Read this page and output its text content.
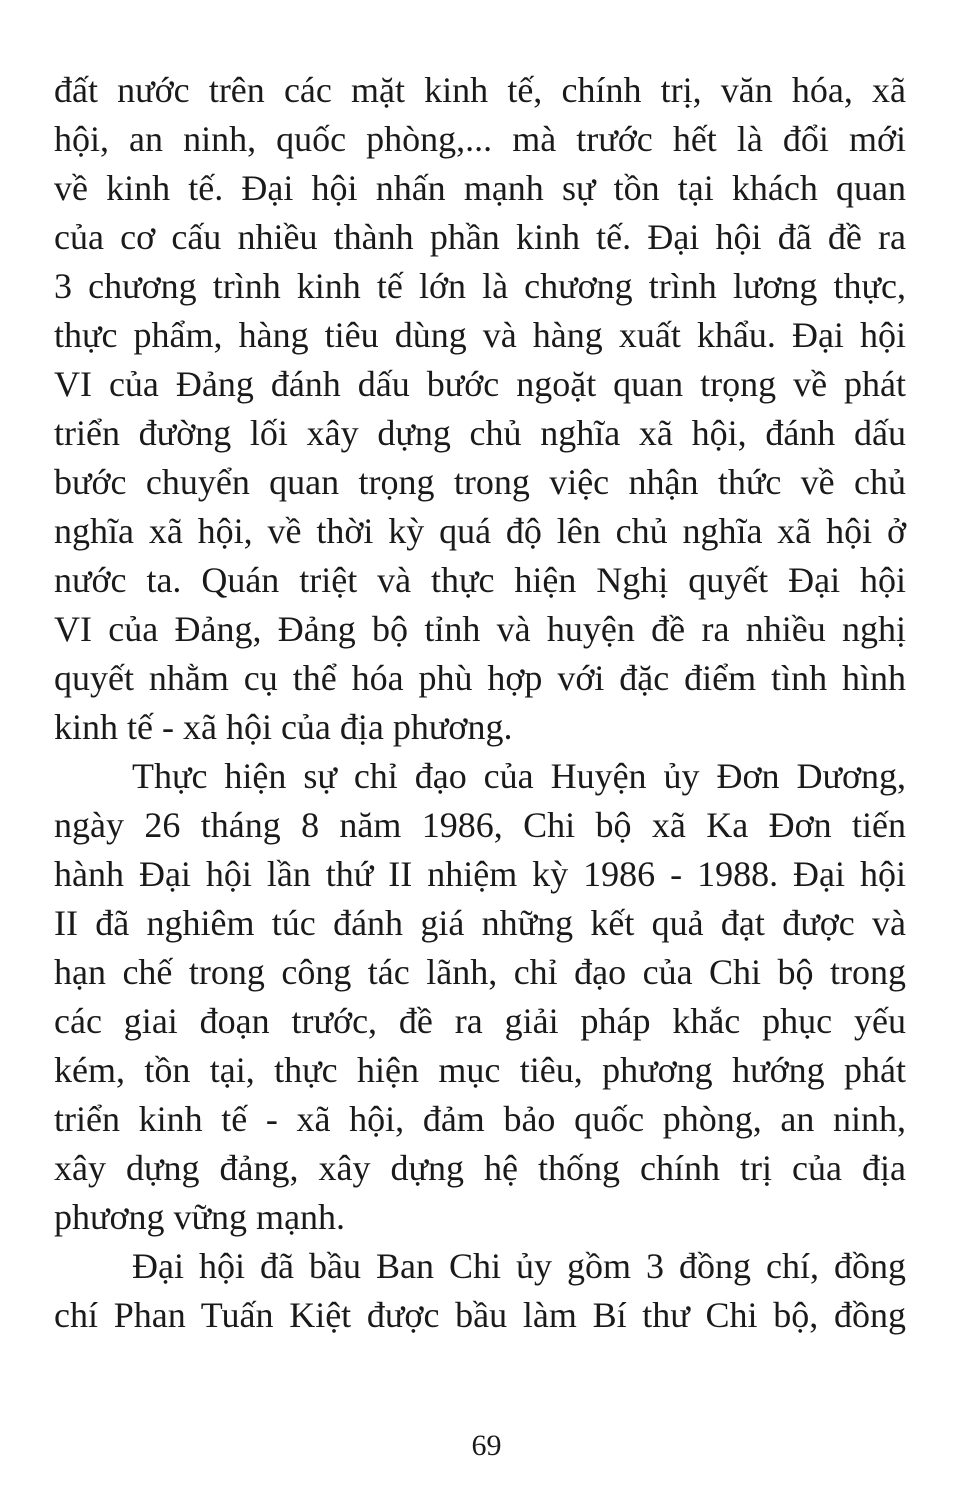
đất nước trên các mặt kinh tế, chính trị, văn hóa, xã
hội, an ninh, quốc phòng,... mà trước hết là đổi mới
về kinh tế. Đại hội nhấn mạnh sự tồn tại khách quan
của cơ cấu nhiều thành phần kinh tế. Đại hội đã đề ra
3 chương trình kinh tế lớn là chương trình lương thực,
thực phẩm, hàng tiêu dùng và hàng xuất khẩu. Đại hội
VI của Đảng đánh dấu bước ngoặt quan trọng về phát
triển đường lối xây dựng chủ nghĩa xã hội, đánh dấu
bước chuyển quan trọng trong việc nhận thức về chủ
nghĩa xã hội, về thời kỳ quá độ lên chủ nghĩa xã hội ở
nước ta. Quán triệt và thực hiện Nghị quyết Đại hội
VI của Đảng, Đảng bộ tỉnh và huyện đề ra nhiều nghị
quyết nhằm cụ thể hóa phù hợp với đặc điểm tình hình
kinh tế - xã hội của địa phương.
Thực hiện sự chỉ đạo của Huyện ủy Đơn Dương,
ngày 26 tháng 8 năm 1986, Chi bộ xã Ka Đơn tiến
hành Đại hội lần thứ II nhiệm kỳ 1986 - 1988. Đại hội
II đã nghiêm túc đánh giá những kết quả đạt được và
hạn chế trong công tác lãnh, chỉ đạo của Chi bộ trong
các giai đoạn trước, đề ra giải pháp khắc phục yếu
kém, tồn tại, thực hiện mục tiêu, phương hướng phát
triển kinh tế - xã hội, đảm bảo quốc phòng, an ninh,
xây dựng đảng, xây dựng hệ thống chính trị của địa
phương vững mạnh.
Đại hội đã bầu Ban Chi ủy gồm 3 đồng chí, đồng
chí Phan Tuấn Kiệt được bầu làm Bí thư Chi bộ, đồng
69
